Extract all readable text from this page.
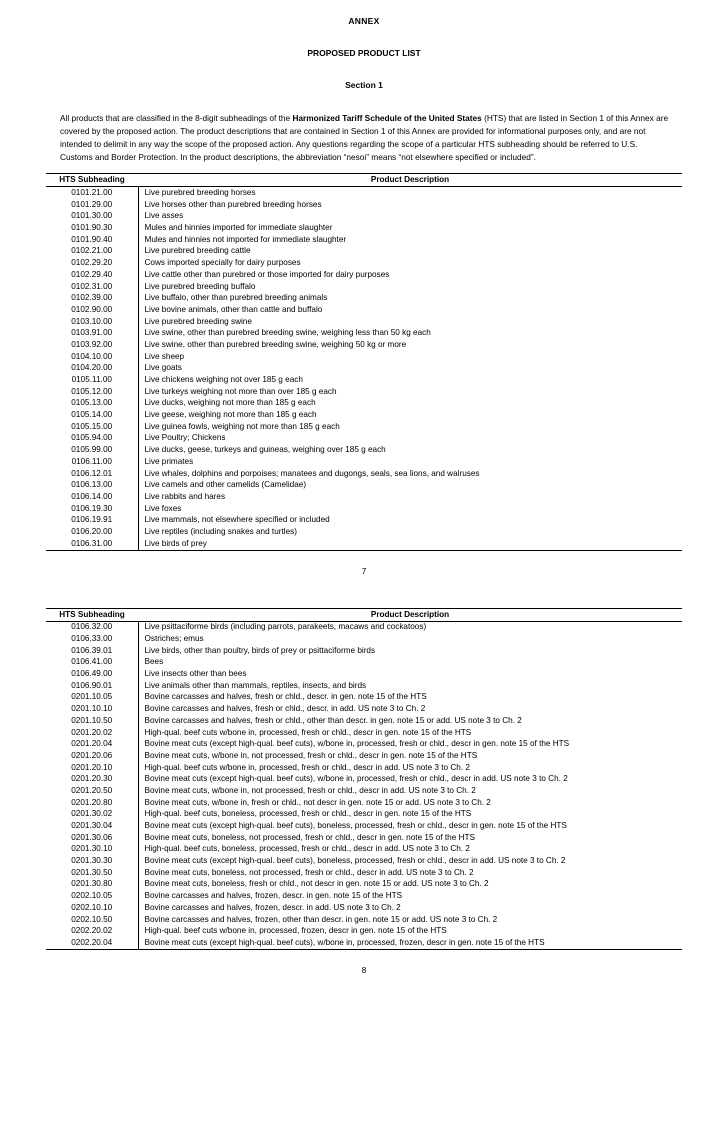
ANNEX
PROPOSED PRODUCT LIST
Section 1

All products that are classified in the 8-digit subheadings of the Harmonized Tariff Schedule of the United States (HTS) that are listed in Section 1 of this Annex are covered by the proposed action. The product descriptions that are contained in Section 1 of this Annex are provided for informational purposes only, and are not intended to delimit in any way the scope of the proposed action. Any questions regarding the scope of a particular HTS subheading should be referred to U.S. Customs and Border Protection. In the product descriptions, the abbreviation “nesoi” means “not elsewhere specified or included”.

HTS Subheading	Product Description
0101.21.00	Live purebred breeding horses
0101.29.00	Live horses other than purebred breeding horses
0101.30.00	Live asses
0101.90.30	Mules and hinnies imported for immediate slaughter
0101.90.40	Mules and hinnies not imported for immediate slaughter
0102.21.00	Live purebred breeding cattle
0102.29.20	Cows imported specially for dairy purposes
0102.29.40	Live cattle other than purebred or those imported for dairy purposes
0102.31.00	Live purebred breeding buffalo
0102.39.00	Live buffalo, other than purebred breeding animals
0102.90.00	Live bovine animals, other than cattle and buffalo
0103.10.00	Live purebred breeding swine
0103.91.00	Live swine, other than purebred breeding swine, weighing less than 50 kg each
0103.92.00	Live swine, other than purebred breeding swine, weighing 50 kg or more
0104.10.00	Live sheep
0104.20.00	Live goats
0105.11.00	Live chickens weighing not over 185 g each
0105.12.00	Live turkeys weighing not more than over 185 g each
0105.13.00	Live ducks, weighing not more than 185 g each
0105.14.00	Live geese, weighing not more than 185 g each
0105.15.00	Live guinea fowls, weighing not more than 185 g each
0105.94.00	Live Poultry; Chickens
0105.99.00	Live ducks, geese, turkeys and guineas, weighing over 185 g each
0106.11.00	Live primates
0106.12.01	Live whales, dolphins and porpoises; manatees and dugongs, seals, sea lions, and walruses
0106.13.00	Live camels and other camelids (Camelidae)
0106.14.00	Live rabbits and hares
0106.19.30	Live foxes
0106.19.91	Live mammals, not elsewhere specified or included
0106.20.00	Live reptiles (including snakes and turtles)
0106.31.00	Live birds of prey
7
HTS Subheading	Product Description
0106.32.00	Live psittaciforme birds (including parrots, parakeets, macaws and cockatoos)
0106.33.00	Ostriches; emus
0106.39.01	Live birds, other than poultry, birds of prey or psittaciforme birds
0106.41.00	Bees
0106.49.00	Live insects other than bees
0106.90.01	Live animals other than mammals, reptiles, insects, and birds
0201.10.05	Bovine carcasses and halves, fresh or chld., descr. in gen. note 15 of the HTS
0201.10.10	Bovine carcasses and halves, fresh or chld., descr. in add. US note 3 to Ch. 2
0201.10.50	Bovine carcasses and halves, fresh or chld., other than descr. in gen. note 15 or add. US note 3 to Ch. 2
0201.20.02	High-qual. beef cuts w/bone in, processed, fresh or chld., descr in gen. note 15 of the HTS
0201.20.04	Bovine meat cuts (except high-qual. beef cuts), w/bone in, processed, fresh or chld., descr in gen. note 15 of the HTS
0201.20.06	Bovine meat cuts, w/bone in, not processed, fresh or chld., descr in gen. note 15 of the HTS
0201.20.10	High-qual. beef cuts w/bone in, processed, fresh or chld., descr in add. US note 3 to Ch. 2
0201.20.30	Bovine meat cuts (except high-qual. beef cuts), w/bone in, processed, fresh or chld., descr in add. US note 3 to Ch. 2
0201.20.50	Bovine meat cuts, w/bone in, not processed, fresh or chld., descr in add. US note 3 to Ch. 2
0201.20.80	Bovine meat cuts, w/bone in, fresh or chld., not descr in gen. note 15 or add. US note 3 to Ch. 2
0201.30.02	High-qual. beef cuts, boneless, processed, fresh or chld., descr in gen. note 15 of the HTS
0201.30.04	Bovine meat cuts (except high-qual. beef cuts), boneless, processed, fresh or chld., descr in gen. note 15 of the HTS
0201.30.06	Bovine meat cuts, boneless, not processed, fresh or chld., descr in gen. note 15 of the HTS
0201.30.10	High-qual. beef cuts, boneless, processed, fresh or chld., descr in add. US note 3 to Ch. 2
0201.30.30	Bovine meat cuts (except high-qual. beef cuts), boneless, processed, fresh or chld., descr in add. US note 3 to Ch. 2
0201.30.50	Bovine meat cuts, boneless, not processed, fresh or chld., descr in add. US note 3 to Ch. 2
0201.30.80	Bovine meat cuts, boneless, fresh or chld., not descr in gen. note 15 or add. US note 3 to Ch. 2
0202.10.05	Bovine carcasses and halves, frozen, descr. in gen. note 15 of the HTS
0202.10.10	Bovine carcasses and halves, frozen, descr. in add. US note 3 to Ch. 2
0202.10.50	Bovine carcasses and halves, frozen, other than descr. in gen. note 15 or add. US note 3 to Ch. 2
0202.20.02	High-qual. beef cuts w/bone in, processed, frozen, descr in gen. note 15 of the HTS
0202.20.04	Bovine meat cuts (except high-qual. beef cuts), w/bone in, processed, frozen, descr in gen. note 15 of the HTS
8
